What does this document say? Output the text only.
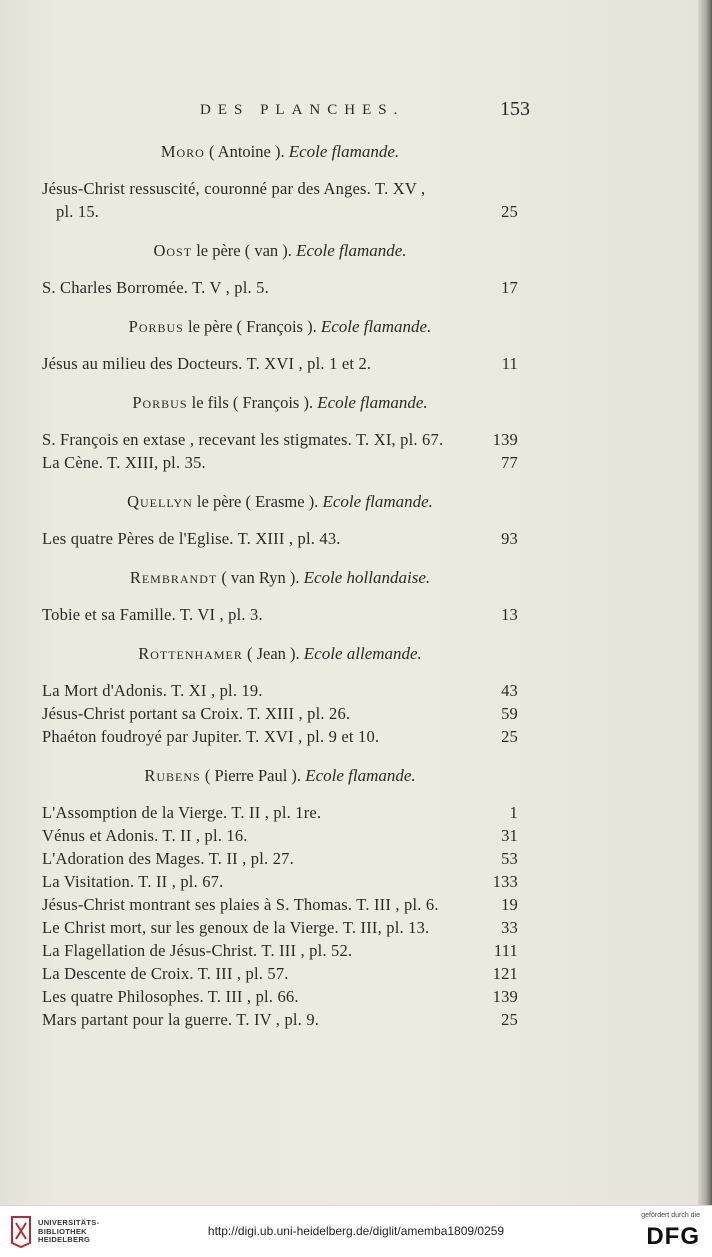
DES PLANCHES.	153
Moro ( Antoine ). Ecole flamande.
Jésus-Christ ressuscité, couronné par des Anges. T. XV ,
pl. 15.	25
Oost le père ( van ). Ecole flamande.
S. Charles Borromée. T. V , pl. 5.	17
Porbus le père ( François ). Ecole flamande.
Jésus au milieu des Docteurs. T. XVI , pl. 1 et 2.	11
Porbus le fils ( François ). Ecole flamande.
S. François en extase , recevant les stigmates. T. XI, pl. 67.	139
La Cène. T. XIII, pl. 35.	77
Quellyn le père ( Erasme ). Ecole flamande.
Les quatre Pères de l'Eglise. T. XIII , pl. 43.	93
Rembrandt ( van Ryn ). Ecole hollandaise.
Tobie et sa Famille. T. VI , pl. 3.	13
Rottenhamer ( Jean ). Ecole allemande.
La Mort d'Adonis. T. XI , pl. 19.	43
Jésus-Christ portant sa Croix. T. XIII , pl. 26.	59
Phaéton foudroyé par Jupiter. T. XVI , pl. 9 et 10.	25
Rubens ( Pierre Paul ). Ecole flamande.
L'Assomption de la Vierge. T. II , pl. 1re.	1
Vénus et Adonis. T. II , pl. 16.	31
L'Adoration des Mages. T. II , pl. 27.	53
La Visitation. T. II , pl. 67.	133
Jésus-Christ montrant ses plaies à S. Thomas. T. III , pl. 6.	19
Le Christ mort, sur les genoux de la Vierge. T. III, pl. 13.	33
La Flagellation de Jésus-Christ. T. III , pl. 52.	111
La Descente de Croix. T. III , pl. 57.	121
Les quatre Philosophes. T. III , pl. 66.	139
Mars partant pour la guerre. T. IV , pl. 9.	25
UNIVERSITÄTS-
BIBLIOTHEK
HEIDELBERG
http://digi.ub.uni-heidelberg.de/diglit/amemba1809/0259
gefördert durch die
DFG
